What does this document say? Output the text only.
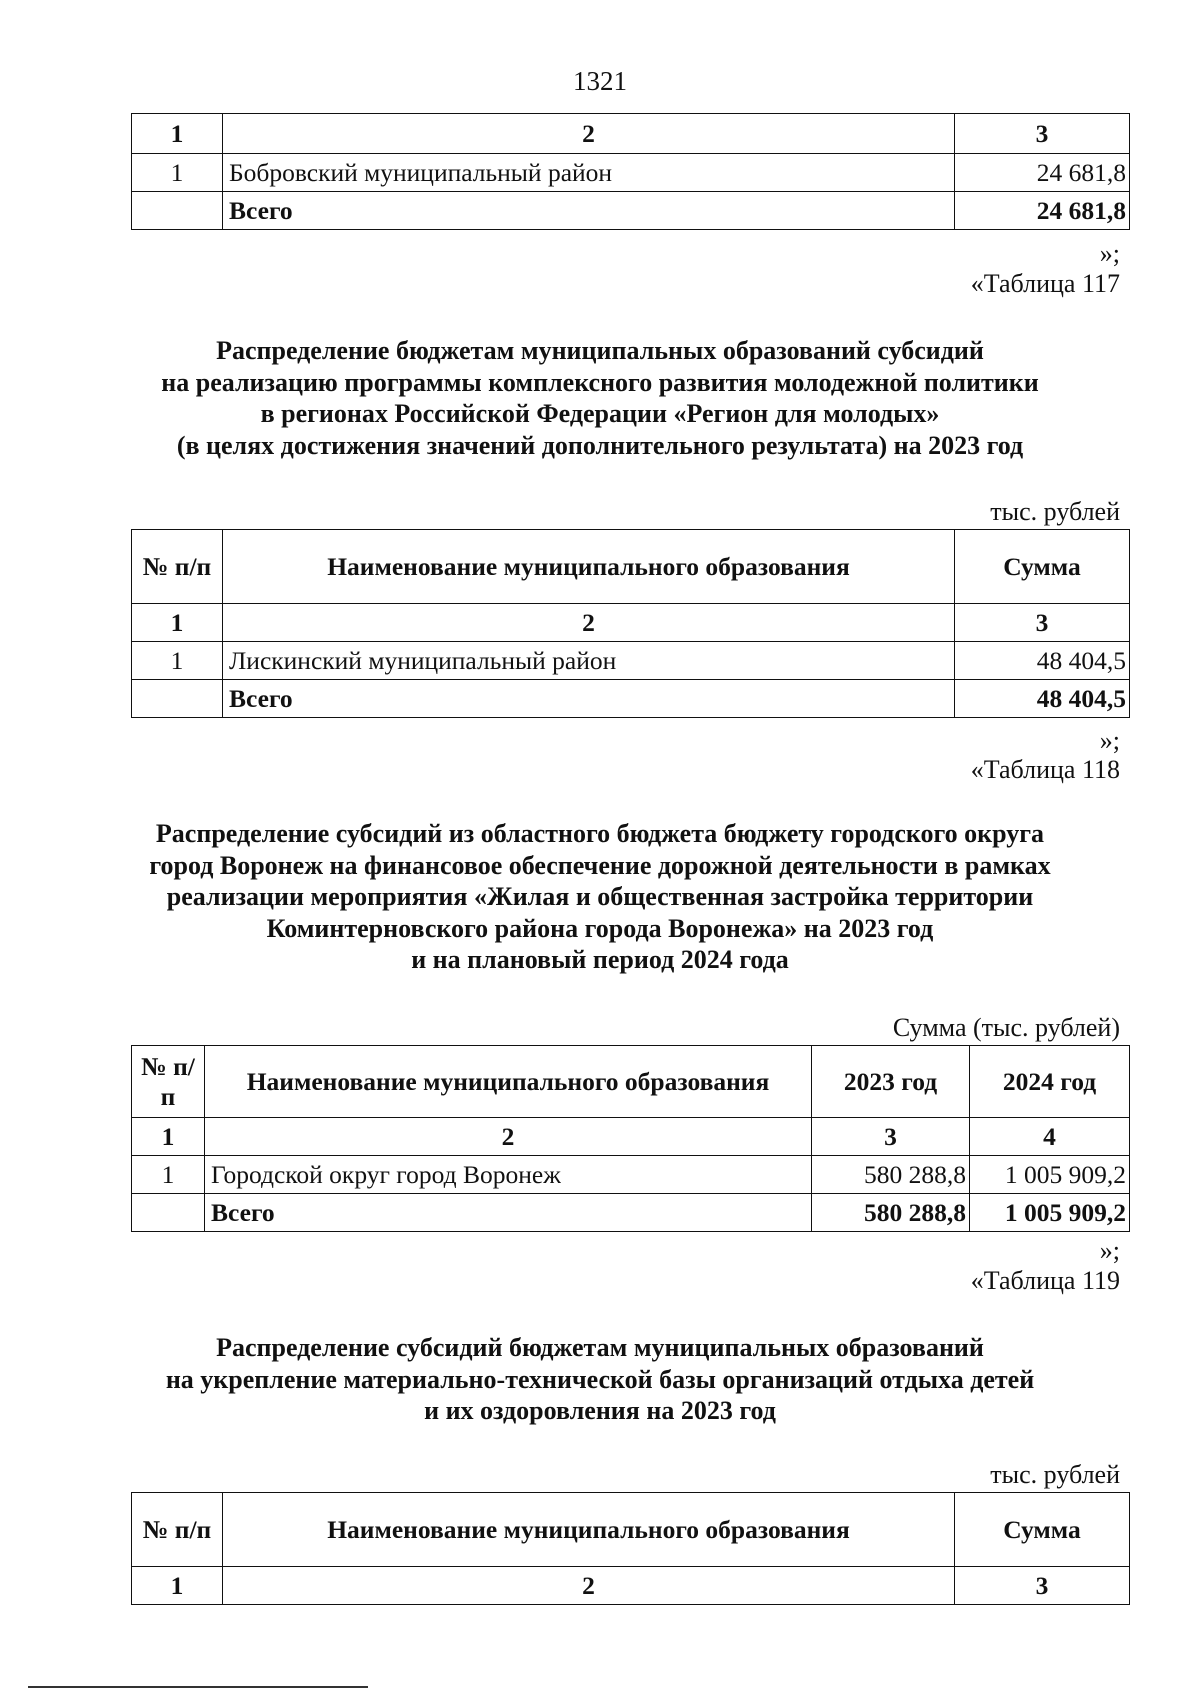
1321
1	2	3
1	Бобровский муниципальный район	24 681,8
	Всего	24 681,8
»;
«Таблица 117
Распределение бюджетам муниципальных образований субсидий
на реализацию программы комплексного развития молодежной политики
в регионах Российской Федерации «Регион для молодых»
(в целях достижения значений дополнительного результата) на 2023 год
тыс. рублей
№ п/п	Наименование муниципального образования	Сумма
1	2	3
1	Лискинский муниципальный район	48 404,5
	Всего	48 404,5
»;
«Таблица 118
Распределение субсидий из областного бюджета бюджету городского округа
город Воронеж на финансовое обеспечение дорожной деятельности в рамках
реализации мероприятия «Жилая и общественная застройка территории
Коминтерновского района города Воронежа» на 2023 год
и на плановый период 2024 года
Сумма (тыс. рублей)
№ п/п	Наименование муниципального образования	2023 год	2024 год
1	2	3	4
1	Городской округ город Воронеж	580 288,8	1 005 909,2
	Всего	580 288,8	1 005 909,2
»;
«Таблица 119
Распределение субсидий бюджетам муниципальных образований
на укрепление материально-технической базы организаций отдыха детей
и их оздоровления на 2023 год
тыс. рублей
№ п/п	Наименование муниципального образования	Сумма
1	2	3
